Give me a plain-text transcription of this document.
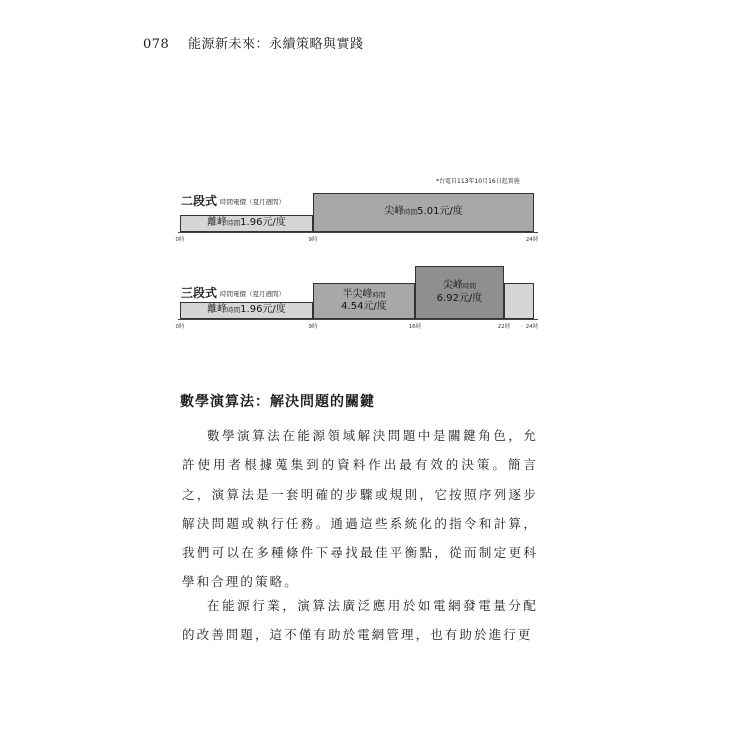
078 能源新未來：永續策略與實踐
*台電自113年10月16日起實施
二段式 時間電價（夏月週間）
離峰時間1.96元/度
尖峰時間5.01元/度
0時	9時	24時
三段式 時間電價（夏月週間）
離峰時間1.96元/度
半尖峰時間
4.54元/度
尖峰時間
6.92元/度
0時	9時	16時	22時	24時
數學演算法：解決問題的關鍵

數學演算法在能源領域解決問題中是關鍵角色，允許使用者根據蒐集到的資料作出最有效的決策。簡言之，演算法是一套明確的步驟或規則，它按照序列逐步解決問題或執行任務。通過這些系統化的指令和計算，我們可以在多種條件下尋找最佳平衡點，從而制定更科學和合理的策略。

在能源行業，演算法廣泛應用於如電網發電量分配的改善問題，這不僅有助於電網管理，也有助於進行更
